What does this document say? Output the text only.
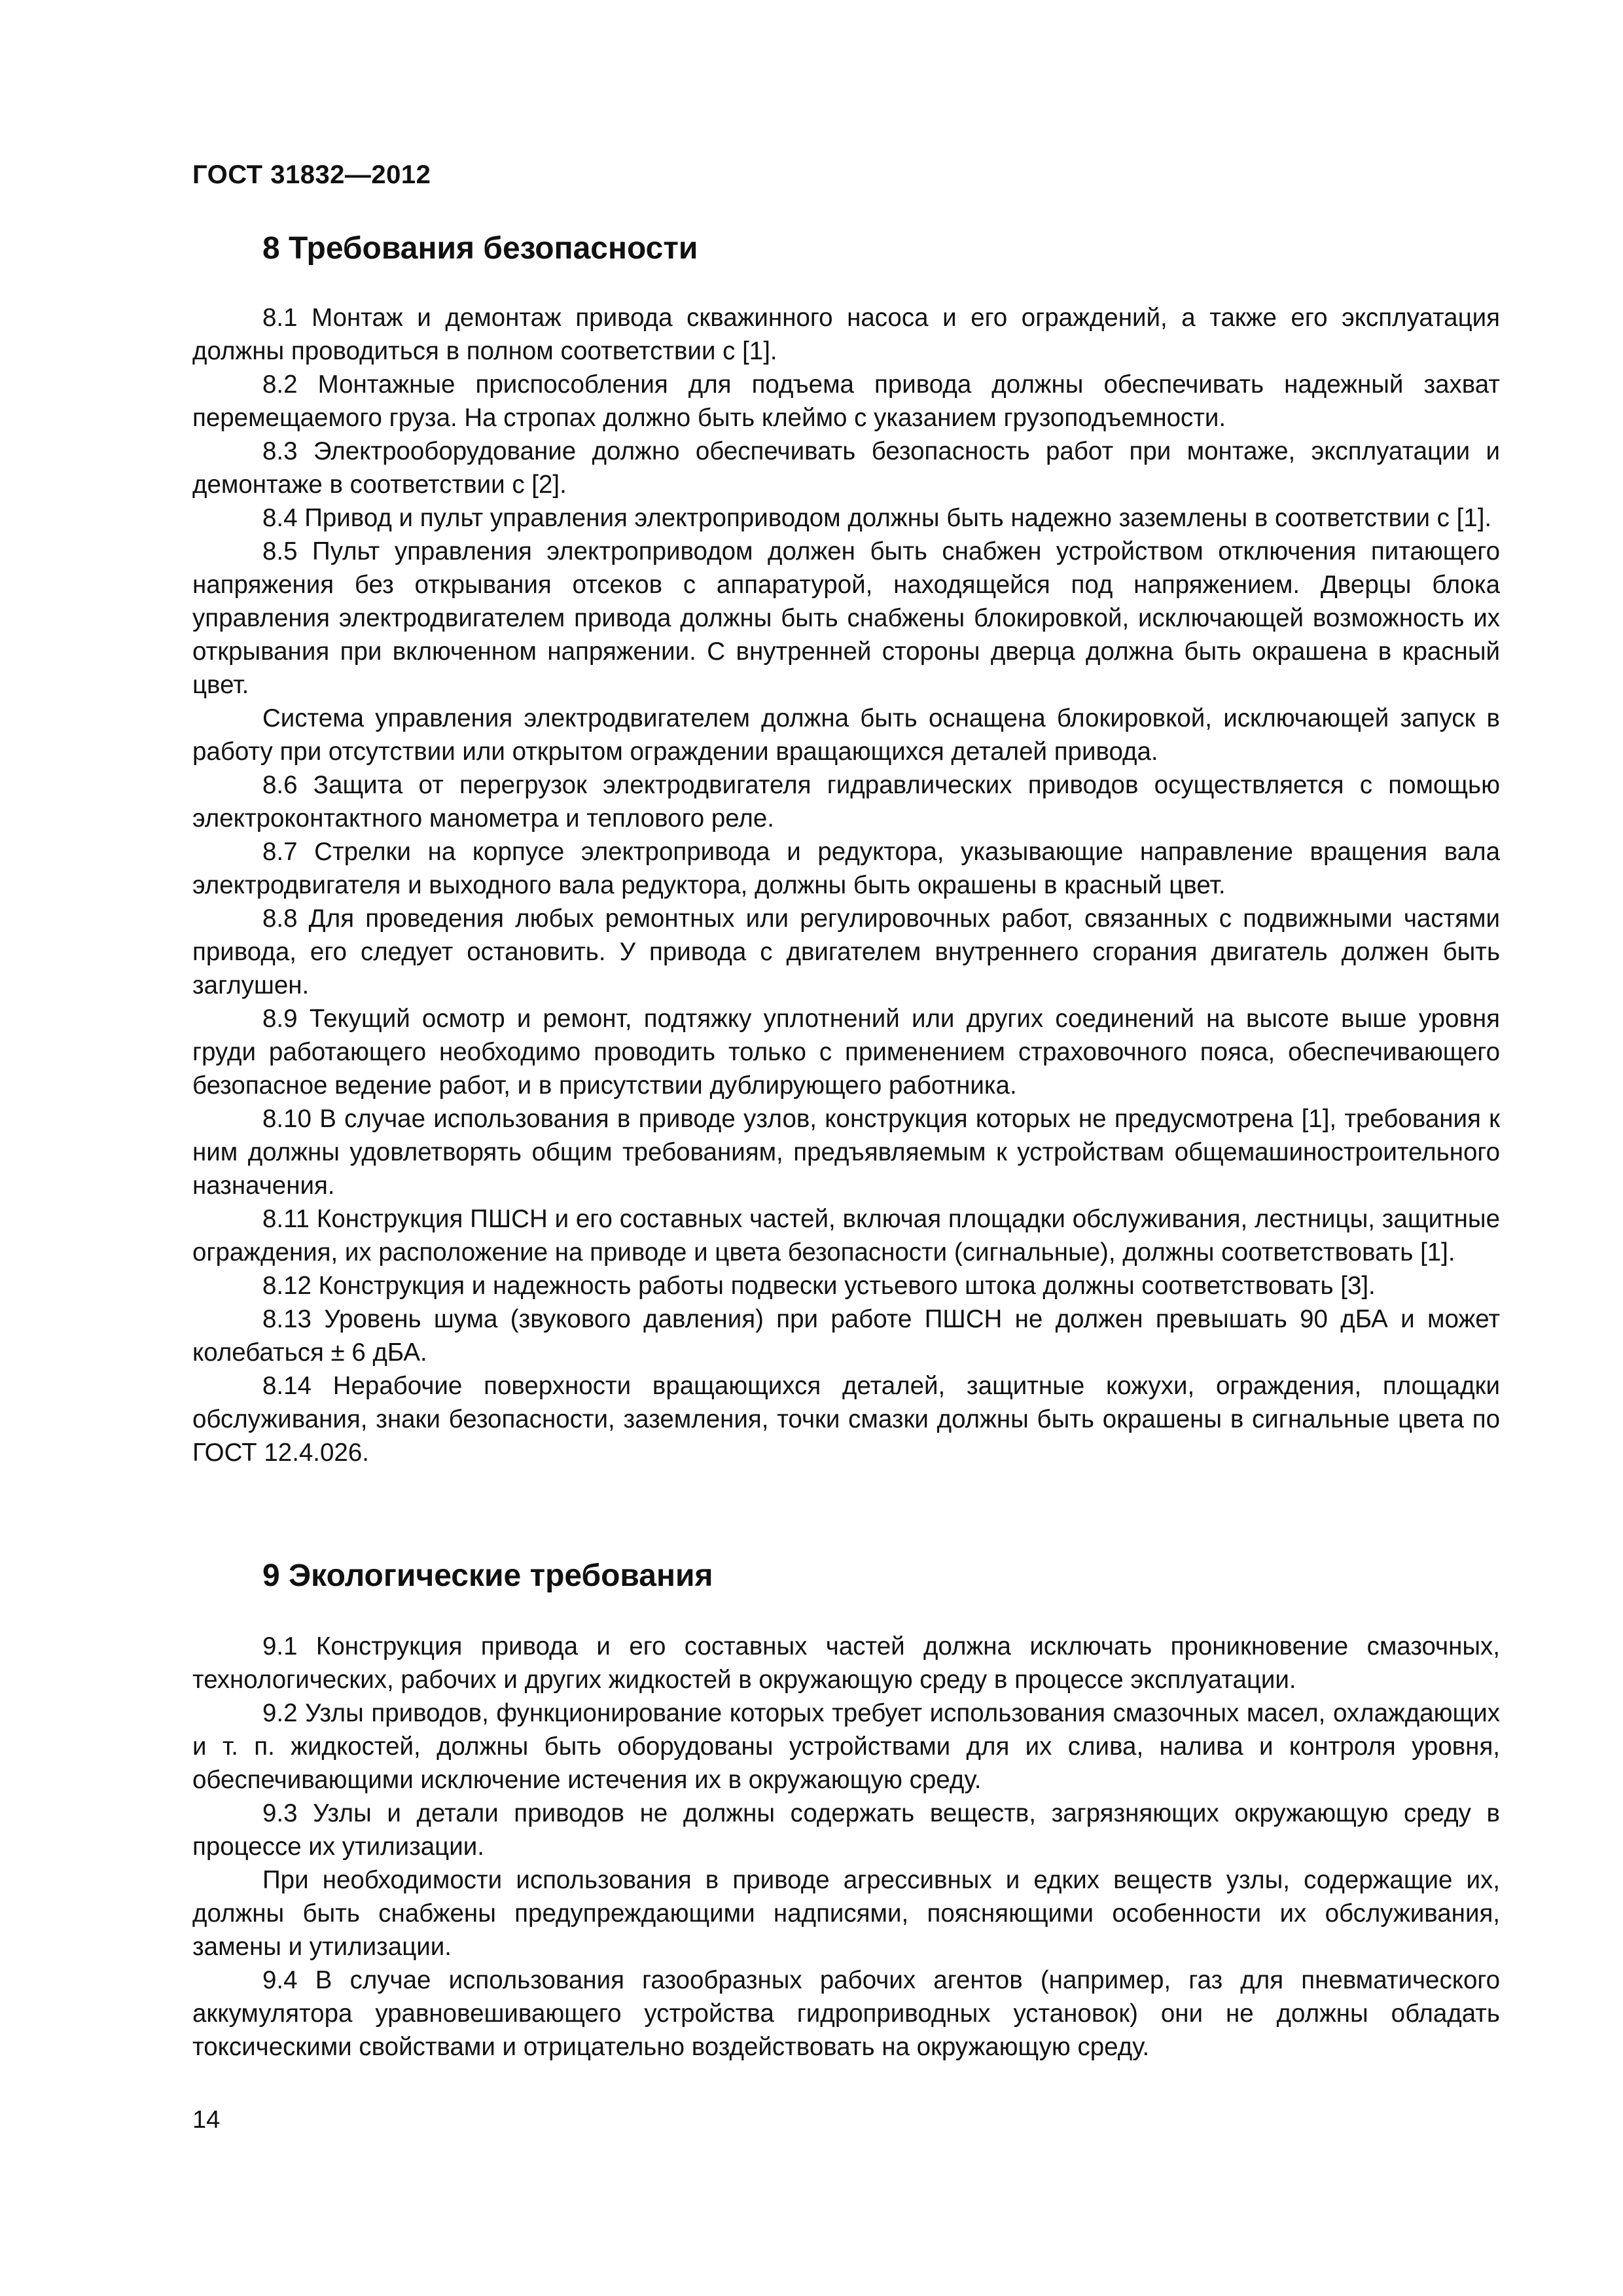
ГОСТ 31832—2012
8 Требования безопасности

8.1 Монтаж и демонтаж привода скважинного насоса и его ограждений, а также его эксплуатация должны проводиться в полном соответствии с [1].

8.2 Монтажные приспособления для подъема привода должны обеспечивать надежный захват перемещаемого груза. На стропах должно быть клеймо с указанием грузоподъемности.

8.3 Электрооборудование должно обеспечивать безопасность работ при монтаже, эксплуатации и демонтаже в соответствии с [2].

8.4 Привод и пульт управления электроприводом должны быть надежно заземлены в соответствии с [1].

8.5 Пульт управления электроприводом должен быть снабжен устройством отключения питающего напряжения без открывания отсеков с аппаратурой, находящейся под напряжением. Дверцы блока управления электродвигателем привода должны быть снабжены блокировкой, исключающей возможность их открывания при включенном напряжении. С внутренней стороны дверца должна быть окрашена в красный цвет.

Система управления электродвигателем должна быть оснащена блокировкой, исключающей запуск в работу при отсутствии или открытом ограждении вращающихся деталей привода.

8.6 Защита от перегрузок электродвигателя гидравлических приводов осуществляется с помощью электроконтактного манометра и теплового реле.

8.7 Стрелки на корпусе электропривода и редуктора, указывающие направление вращения вала электродвигателя и выходного вала редуктора, должны быть окрашены в красный цвет.

8.8 Для проведения любых ремонтных или регулировочных работ, связанных с подвижными частями привода, его следует остановить. У привода с двигателем внутреннего сгорания двигатель должен быть заглушен.

8.9 Текущий осмотр и ремонт, подтяжку уплотнений или других соединений на высоте выше уровня груди работающего необходимо проводить только с применением страховочного пояса, обеспечивающего безопасное ведение работ, и в присутствии дублирующего работника.

8.10 В случае использования в приводе узлов, конструкция которых не предусмотрена [1], требования к ним должны удовлетворять общим требованиям, предъявляемым к устройствам общемашиностроительного назначения.

8.11 Конструкция ПШСН и его составных частей, включая площадки обслуживания, лестницы, защитные ограждения, их расположение на приводе и цвета безопасности (сигнальные), должны соответствовать [1].

8.12 Конструкция и надежность работы подвески устьевого штока должны соответствовать [3].

8.13 Уровень шума (звукового давления) при работе ПШСН не должен превышать 90 дБА и может колебаться ± 6 дБА.

8.14 Нерабочие поверхности вращающихся деталей, защитные кожухи, ограждения, площадки обслуживания, знаки безопасности, заземления, точки смазки должны быть окрашены в сигнальные цвета по ГОСТ 12.4.026.

9 Экологические требования

9.1 Конструкция привода и его составных частей должна исключать проникновение смазочных, технологических, рабочих и других жидкостей в окружающую среду в процессе эксплуатации.

9.2 Узлы приводов, функционирование которых требует использования смазочных масел, охлаждающих и т. п. жидкостей, должны быть оборудованы устройствами для их слива, налива и контроля уровня, обеспечивающими исключение истечения их в окружающую среду.

9.3 Узлы и детали приводов не должны содержать веществ, загрязняющих окружающую среду в процессе их утилизации.

При необходимости использования в приводе агрессивных и едких веществ узлы, содержащие их, должны быть снабжены предупреждающими надписями, поясняющими особенности их обслуживания, замены и утилизации.

9.4 В случае использования газообразных рабочих агентов (например, газ для пневматического аккумулятора уравновешивающего устройства гидроприводных установок) они не должны обладать токсическими свойствами и отрицательно воздействовать на окружающую среду.

14
